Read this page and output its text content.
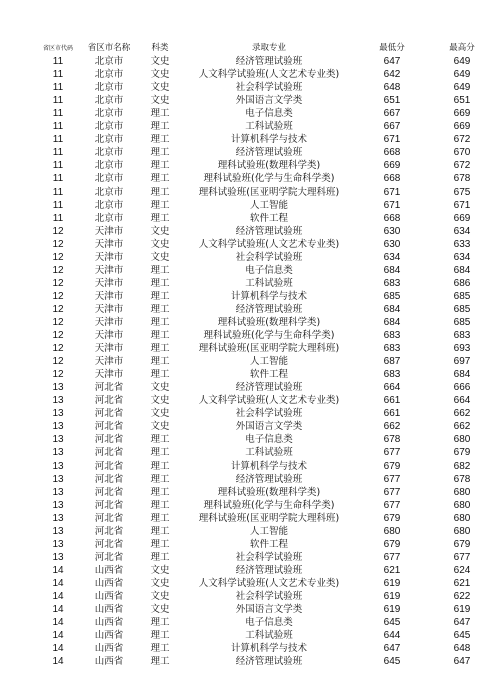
省区市代码	省区市名称	科类	录取专业	最低分	最高分
11	北京市	文史	经济管理试验班	647	649
11	北京市	文史	人文科学试验班(人文艺术专业类)	642	649
11	北京市	文史	社会科学试验班	648	649
11	北京市	文史	外国语言文学类	651	651
11	北京市	理工	电子信息类	667	669
11	北京市	理工	工科试验班	667	669
11	北京市	理工	计算机科学与技术	671	672
11	北京市	理工	经济管理试验班	668	670
11	北京市	理工	理科试验班(数理科学类)	669	672
11	北京市	理工	理科试验班(化学与生命科学类)	668	678
11	北京市	理工	理科试验班(匡亚明学院大理科班)	671	675
11	北京市	理工	人工智能	671	671
11	北京市	理工	软件工程	668	669
12	天津市	文史	经济管理试验班	630	634
12	天津市	文史	人文科学试验班(人文艺术专业类)	630	633
12	天津市	文史	社会科学试验班	634	634
12	天津市	理工	电子信息类	684	684
12	天津市	理工	工科试验班	683	686
12	天津市	理工	计算机科学与技术	685	685
12	天津市	理工	经济管理试验班	684	685
12	天津市	理工	理科试验班(数理科学类)	684	685
12	天津市	理工	理科试验班(化学与生命科学类)	683	683
12	天津市	理工	理科试验班(匡亚明学院大理科班)	683	693
12	天津市	理工	人工智能	687	697
12	天津市	理工	软件工程	683	684
13	河北省	文史	经济管理试验班	664	666
13	河北省	文史	人文科学试验班(人文艺术专业类)	661	664
13	河北省	文史	社会科学试验班	661	662
13	河北省	文史	外国语言文学类	662	662
13	河北省	理工	电子信息类	678	680
13	河北省	理工	工科试验班	677	679
13	河北省	理工	计算机科学与技术	679	682
13	河北省	理工	经济管理试验班	677	678
13	河北省	理工	理科试验班(数理科学类)	677	680
13	河北省	理工	理科试验班(化学与生命科学类)	677	680
13	河北省	理工	理科试验班(匡亚明学院大理科班)	679	680
13	河北省	理工	人工智能	680	680
13	河北省	理工	软件工程	679	679
13	河北省	理工	社会科学试验班	677	677
14	山西省	文史	经济管理试验班	621	624
14	山西省	文史	人文科学试验班(人文艺术专业类)	619	621
14	山西省	文史	社会科学试验班	619	622
14	山西省	文史	外国语言文学类	619	619
14	山西省	理工	电子信息类	645	647
14	山西省	理工	工科试验班	644	645
14	山西省	理工	计算机科学与技术	647	648
14	山西省	理工	经济管理试验班	645	647
